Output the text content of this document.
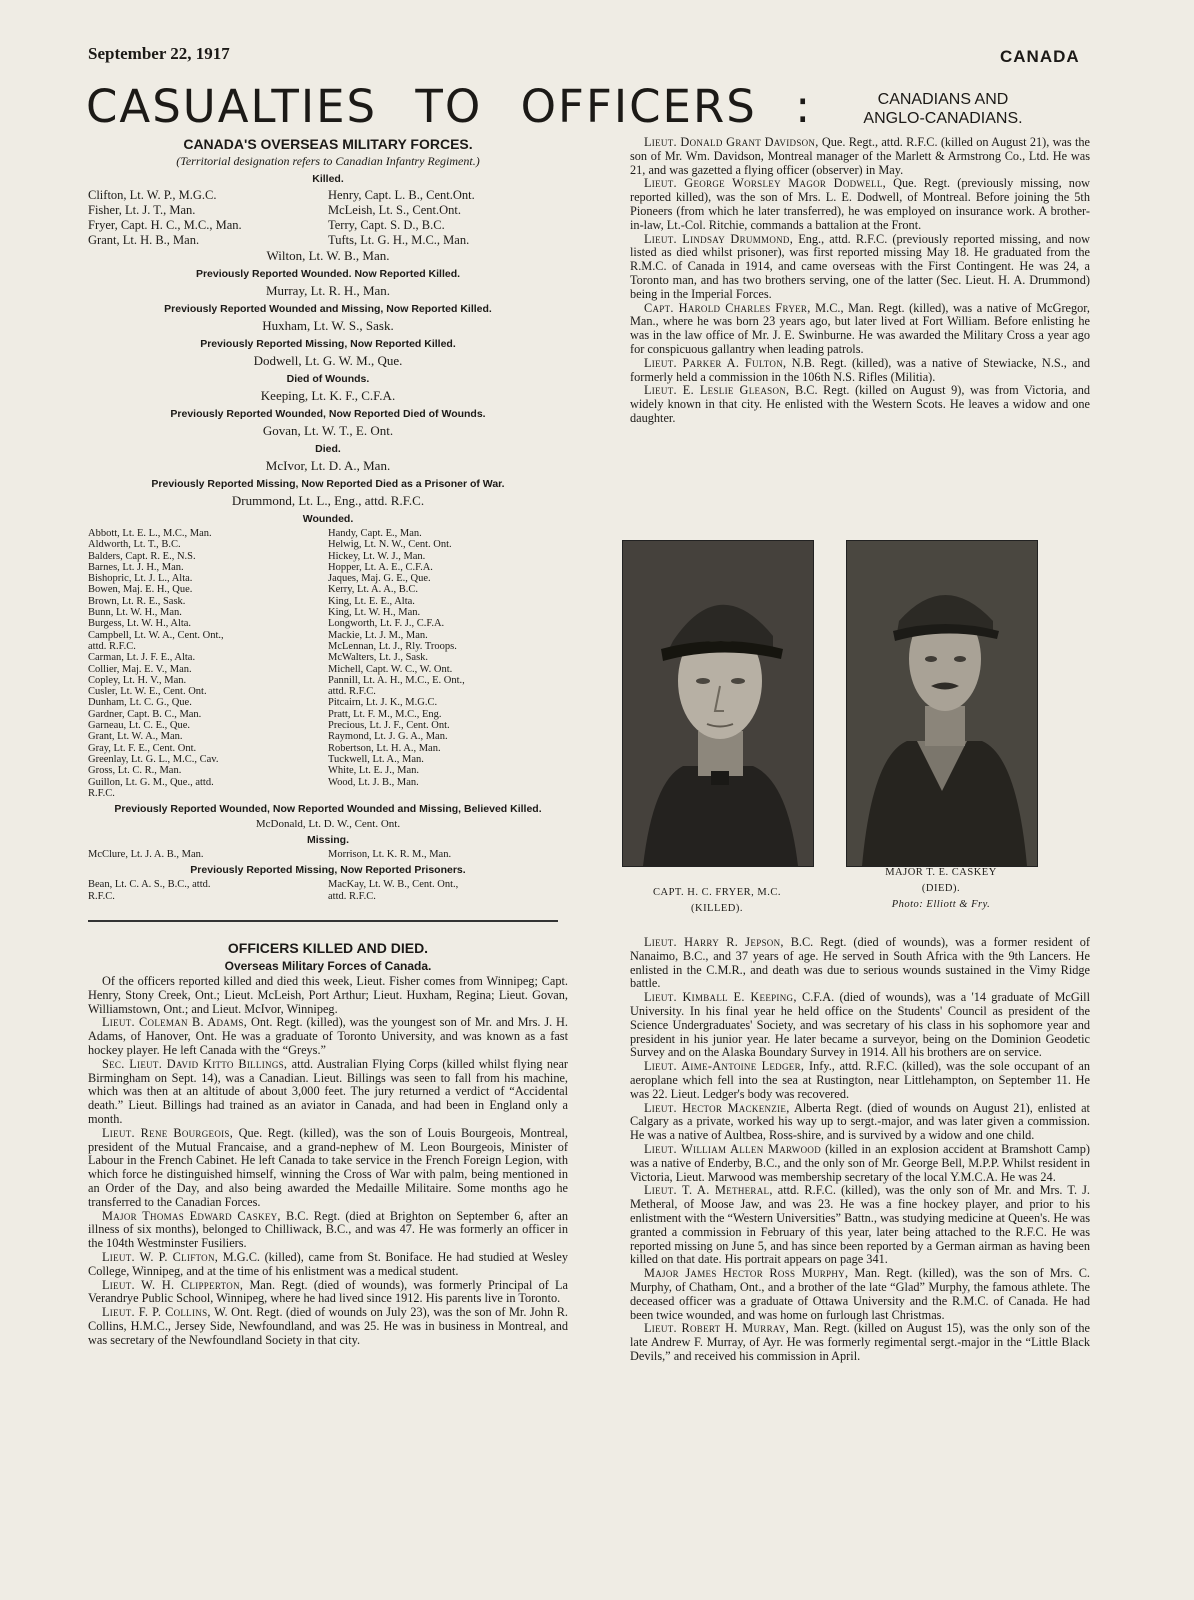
September 22, 1917	CANADA
CASUALTIES TO OFFICERS :	CANADIANS AND
ANGLO-CANADIANS.

CANADA'S OVERSEAS MILITARY FORCES.

(Territorial designation refers to Canadian Infantry Regiment.)

Killed.

Clifton, Lt. W. P., M.G.C.	Henry, Capt. L. B., Cent.Ont.
Fisher, Lt. J. T., Man.	McLeish, Lt. S., Cent.Ont.
Fryer, Capt. H. C., M.C., Man.	Terry, Capt. S. D., B.C.
Grant, Lt. H. B., Man.	Tufts, Lt. G. H., M.C., Man.

Wilton, Lt. W. B., Man.

Previously Reported Wounded. Now Reported Killed.

Murray, Lt. R. H., Man.

Previously Reported Wounded and Missing, Now Reported Killed.

Huxham, Lt. W. S., Sask.

Previously Reported Missing, Now Reported Killed.

Dodwell, Lt. G. W. M., Que.

Died of Wounds.

Keeping, Lt. K. F., C.F.A.

Previously Reported Wounded, Now Reported Died of Wounds.

Govan, Lt. W. T., E. Ont.

Died.

McIvor, Lt. D. A., Man.

Previously Reported Missing, Now Reported Died as a Prisoner of War.

Drummond, Lt. L., Eng., attd. R.F.C.

Wounded.

Abbott, Lt. E. L., M.C., Man.	Handy, Capt. E., Man.
Aldworth, Lt. T., B.C.	Helwig, Lt. N. W., Cent. Ont.
Balders, Capt. R. E., N.S.	Hickey, Lt. W. J., Man.
Barnes, Lt. J. H., Man.	Hopper, Lt. A. E., C.F.A.
Bishopric, Lt. J. L., Alta.	Jaques, Maj. G. E., Que.
Bowen, Maj. E. H., Que.	Kerry, Lt. A. A., B.C.
Brown, Lt. R. E., Sask.	King, Lt. E. E., Alta.
Bunn, Lt. W. H., Man.	King, Lt. W. H., Man.
Burgess, Lt. W. H., Alta.	Longworth, Lt. F. J., C.F.A.
Campbell, Lt. W. A., Cent. Ont.,	Mackie, Lt. J. M., Man.
attd. R.F.C.	McLennan, Lt. J., Rly. Troops.
Carman, Lt. J. F. E., Alta.	McWalters, Lt. J., Sask.
Collier, Maj. E. V., Man.	Michell, Capt. W. C., W. Ont.
Copley, Lt. H. V., Man.	Pannill, Lt. A. H., M.C., E. Ont.,
Cusler, Lt. W. E., Cent. Ont.	attd. R.F.C.
Dunham, Lt. C. G., Que.	Pitcairn, Lt. J. K., M.G.C.
Gardner, Capt. B. C., Man.	Pratt, Lt. F. M., M.C., Eng.
Garneau, Lt. C. E., Que.	Precious, Lt. J. F., Cent. Ont.
Grant, Lt. W. A., Man.	Raymond, Lt. J. G. A., Man.
Gray, Lt. F. E., Cent. Ont.	Robertson, Lt. H. A., Man.
Greenlay, Lt. G. L., M.C., Cav.	Tuckwell, Lt. A., Man.
Gross, Lt. C. R., Man.	White, Lt. E. J., Man.
Guillon, Lt. G. M., Que., attd.	Wood, Lt. J. B., Man.
R.F.C.

Previously Reported Wounded, Now Reported Wounded and Missing, Believed Killed.

McDonald, Lt. D. W., Cent. Ont.

Missing.

McClure, Lt. J. A. B., Man.	Morrison, Lt. K. R. M., Man.

Previously Reported Missing, Now Reported Prisoners.

Bean, Lt. C. A. S., B.C., attd.	MacKay, Lt. W. B., Cent. Ont.,
R.F.C.	attd. R.F.C.

OFFICERS KILLED AND DIED.

Overseas Military Forces of Canada.

Of the officers reported killed and died this week, Lieut. Fisher comes from Winnipeg; Capt. Henry, Stony Creek, Ont.; Lieut. McLeish, Port Arthur; Lieut. Huxham, Regina; Lieut. Govan, Williamstown, Ont.; and Lieut. McIvor, Winnipeg.

Lieut. Coleman B. Adams, Ont. Regt. (killed), was the youngest son of Mr. and Mrs. J. H. Adams, of Hanover, Ont. He was a graduate of Toronto University, and was known as a fast hockey player. He left Canada with the “Greys.”

Sec. Lieut. David Kitto Billings, attd. Australian Flying Corps (killed whilst flying near Birmingham on Sept. 14), was a Canadian. Lieut. Billings was seen to fall from his machine, which was then at an altitude of about 3,000 feet. The jury returned a verdict of “Accidental death.” Lieut. Billings had trained as an aviator in Canada, and had been in England only a month.

Lieut. Rene Bourgeois, Que. Regt. (killed), was the son of Louis Bourgeois, Montreal, president of the Mutual Francaise, and a grand-nephew of M. Leon Bourgeois, Minister of Labour in the French Cabinet. He left Canada to take service in the French Foreign Legion, with which force he distinguished himself, winning the Cross of War with palm, being mentioned in an Order of the Day, and also being awarded the Medaille Militaire. Some months ago he transferred to the Canadian Forces.

Major Thomas Edward Caskey, B.C. Regt. (died at Brighton on September 6, after an illness of six months), belonged to Chilliwack, B.C., and was 47. He was formerly an officer in the 104th Westminster Fusiliers.

Lieut. W. P. Clifton, M.G.C. (killed), came from St. Boniface. He had studied at Wesley College, Winnipeg, and at the time of his enlistment was a medical student.

Lieut. W. H. Clipperton, Man. Regt. (died of wounds), was formerly Principal of La Verandrye Public School, Winnipeg, where he had lived since 1912. His parents live in Toronto.

Lieut. F. P. Collins, W. Ont. Regt. (died of wounds on July 23), was the son of Mr. John R. Collins, H.M.C., Jersey Side, Newfoundland, and was 25. He was in business in Montreal, and was secretary of the Newfoundland Society in that city.

Lieut. Donald Grant Davidson, Que. Regt., attd. R.F.C. (killed on August 21), was the son of Mr. Wm. Davidson, Montreal manager of the Marlett & Armstrong Co., Ltd. He was 21, and was gazetted a flying officer (observer) in May.

Lieut. George Worsley Magor Dodwell, Que. Regt. (previously missing, now reported killed), was the son of Mrs. L. E. Dodwell, of Montreal. Before joining the 5th Pioneers (from which he later transferred), he was employed on insurance work. A brother-in-law, Lt.-Col. Ritchie, commands a battalion at the Front.

Lieut. Lindsay Drummond, Eng., attd. R.F.C. (previously reported missing, and now listed as died whilst prisoner), was first reported missing May 18. He graduated from the R.M.C. of Canada in 1914, and came overseas with the First Contingent. He was 24, a Toronto man, and has two brothers serving, one of the latter (Sec. Lieut. H. A. Drummond) being in the Imperial Forces.

Capt. Harold Charles Fryer, M.C., Man. Regt. (killed), was a native of McGregor, Man., where he was born 23 years ago, but later lived at Fort William. Before enlisting he was in the law office of Mr. J. E. Swinburne. He was awarded the Military Cross a year ago for conspicuous gallantry when leading patrols.

Lieut. Parker A. Fulton, N.B. Regt. (killed), was a native of Stewiacke, N.S., and formerly held a commission in the 106th N.S. Rifles (Militia).

Lieut. E. Leslie Gleason, B.C. Regt. (killed on August 9), was from Victoria, and widely known in that city. He enlisted with the Western Scots. He leaves a widow and one daughter.

CAPT. H. C. FRYER, M.C.
(KILLED).
MAJOR T. E. CASKEY
(DIED).
Photo: Elliott & Fry.

Lieut. Harry R. Jepson, B.C. Regt. (died of wounds), was a former resident of Nanaimo, B.C., and 37 years of age. He served in South Africa with the 9th Lancers. He enlisted in the C.M.R., and death was due to serious wounds sustained in the Vimy Ridge battle.

Lieut. Kimball E. Keeping, C.F.A. (died of wounds), was a '14 graduate of McGill University. In his final year he held office on the Students' Council as president of the Science Undergraduates' Society, and was secretary of his class in his sophomore year and president in his junior year. He later became a surveyor, being on the Dominion Geodetic Survey and on the Alaska Boundary Survey in 1914. All his brothers are on service.

Lieut. Aime-Antoine Ledger, Infy., attd. R.F.C. (killed), was the sole occupant of an aeroplane which fell into the sea at Rustington, near Littlehampton, on September 11. He was 22. Lieut. Ledger's body was recovered.

Lieut. Hector Mackenzie, Alberta Regt. (died of wounds on August 21), enlisted at Calgary as a private, worked his way up to sergt.-major, and was later given a commission. He was a native of Aultbea, Ross-shire, and is survived by a widow and one child.

Lieut. William Allen Marwood (killed in an explosion accident at Bramshott Camp) was a native of Enderby, B.C., and the only son of Mr. George Bell, M.P.P. Whilst resident in Victoria, Lieut. Marwood was membership secretary of the local Y.M.C.A. He was 24.

Lieut. T. A. Metheral, attd. R.F.C. (killed), was the only son of Mr. and Mrs. T. J. Metheral, of Moose Jaw, and was 23. He was a fine hockey player, and prior to his enlistment with the “Western Universities” Battn., was studying medicine at Queen's. He was granted a commission in February of this year, later being attached to the R.F.C. He was reported missing on June 5, and has since been reported by a German airman as having been killed on that date. His portrait appears on page 341.

Major James Hector Ross Murphy, Man. Regt. (killed), was the son of Mrs. C. Murphy, of Chatham, Ont., and a brother of the late “Glad” Murphy, the famous athlete. The deceased officer was a graduate of Ottawa University and the R.M.C. of Canada. He had been twice wounded, and was home on furlough last Christmas.

Lieut. Robert H. Murray, Man. Regt. (killed on August 15), was the only son of the late Andrew F. Murray, of Ayr. He was formerly regimental sergt.-major in the “Little Black Devils,” and received his commission in April.
